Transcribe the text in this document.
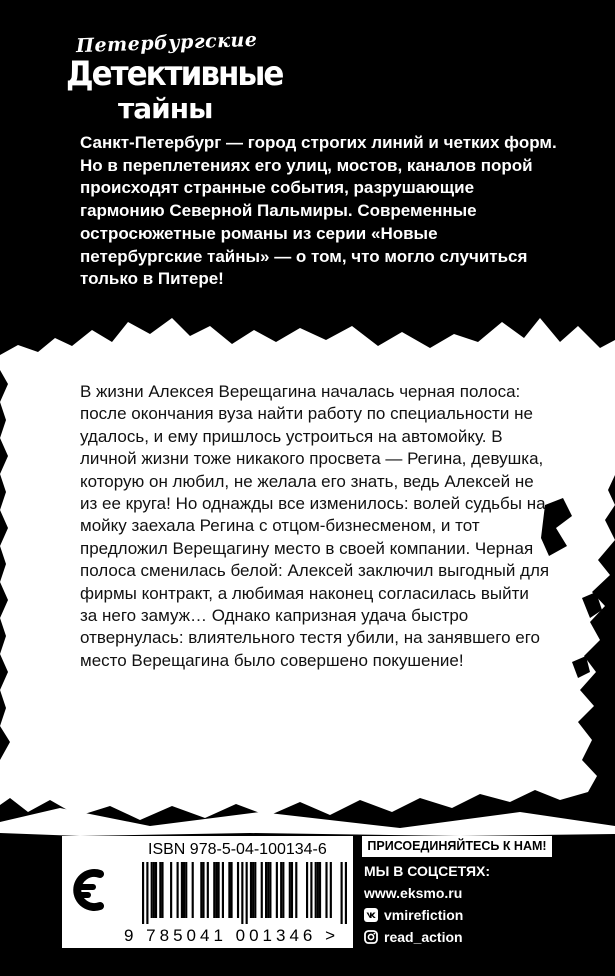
Петербургские
Детективные
тайны

Санкт-Петербург — город строгих линий и четких форм. Но в переплетениях его улиц, мостов, каналов порой происходят странные события, разрушающие гармонию Северной Пальмиры. Современные остросюжетные романы из серии «Новые петербургские тайны» — о том, что могло случиться только в Питере!

В жизни Алексея Верещагина началась черная полоса: после окончания вуза найти работу по специальности не удалось, и ему пришлось устроиться на автомойку. В личной жизни тоже никакого просвета — Регина, девушка, которую он любил, не желала его знать, ведь Алексей не из ее круга! Но однажды все изменилось: волей судьбы на мойку заехала Регина с отцом-бизнесменом, и тот предложил Верещагину место в своей компании. Черная полоса сменилась белой: Алексей заключил выгодный для фирмы контракт, а любимая наконец согласилась выйти за него замуж… Однако капризная удача быстро отвернулась: влиятельного тестя убили, на занявшего его место Верещагина было совершено покушение!

ISBN 978-5-04-100134-6
9 785041 001346 >
ПРИСОЕДИНЯЙТЕСЬ К НАМ!
МЫ В СОЦСЕТЯХ:
www.eksmo.ru
vmirefiction
read_action
